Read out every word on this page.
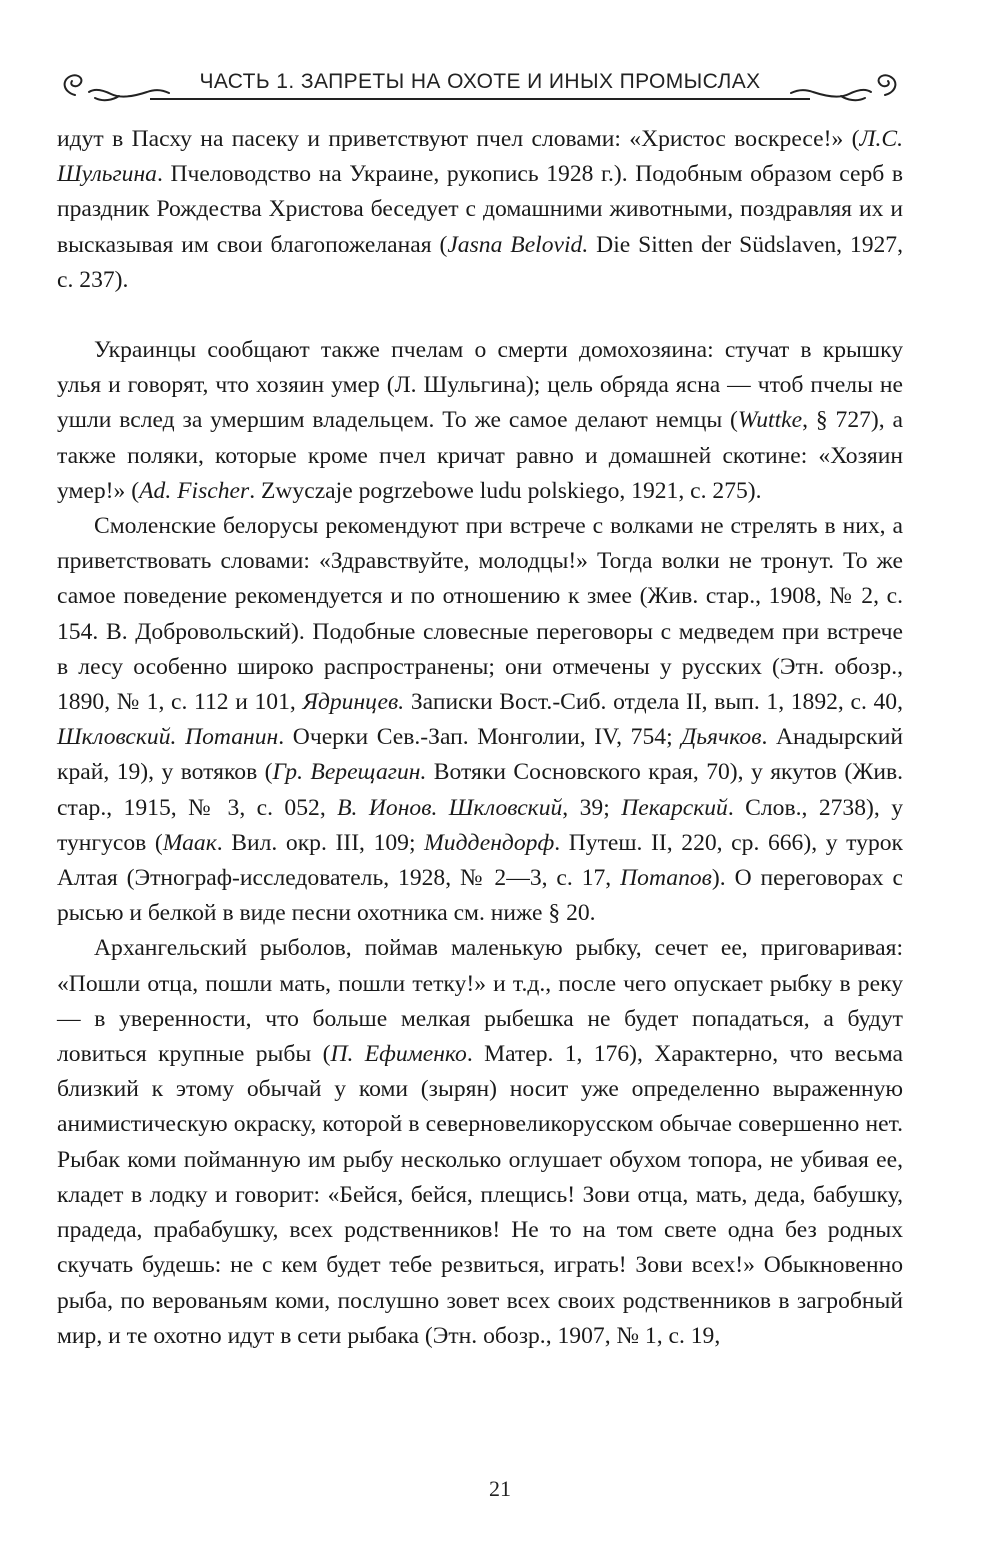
ЧАСТЬ 1. ЗАПРЕТЫ НА ОХОТЕ И ИНЫХ ПРОМЫСЛАХ

идут в Пасху на пасеку и приветствуют пчел словами: «Христос воскресе!» (Л.С. Шульгина. Пчеловодство на Украине, рукопись 1928 г.). Подобным образом серб в праздник Рождества Христова беседует с домашними животными, поздравляя их и высказывая им свои благопожеланая (Jasna Belovid. Die Sitten der Südslaven, 1927, с. 237).

Украинцы сообщают также пчелам о смерти домохозяина: стучат в крышку улья и говорят, что хозяин умер (Л. Шульгина); цель обряда ясна — чтоб пчелы не ушли вслед за умершим владельцем. То же самое делают немцы (Wuttke, § 727), а также поляки, которые кроме пчел кричат равно и домашней скотине: «Хозяин умер!» (Ad. Fischer. Zwyczaje pogrzebowe ludu polskiego, 1921, с. 275).

Смоленские белорусы рекомендуют при встрече с волками не стрелять в них, а приветствовать словами: «Здравствуйте, молодцы!» Тогда волки не тронут. То же самое поведение рекомендуется и по отношению к змее (Жив. стар., 1908, № 2, с. 154. В. Добровольский). Подобные словесные переговоры с медведем при встрече в лесу особенно широко распространены; они отмечены у русских (Этн. обозр., 1890, № 1, с. 112 и 101, Ядринцев. Записки Вост.-Сиб. отдела II, вып. 1, 1892, с. 40, Шкловский. Потанин. Очерки Сев.-Зап. Монголии, IV, 754; Дьячков. Анадырский край, 19), у вотяков (Гр. Верещагин. Вотяки Сосновского края, 70), у якутов (Жив. стар., 1915, № 3, с. 052, В. Ионов. Шкловский, 39; Пекарский. Слов., 2738), у тунгусов (Маак. Вил. окр. III, 109; Миддендорф. Путеш. II, 220, ср. 666), у турок Алтая (Этнограф-исследователь, 1928, № 2—3, с. 17, Потапов). О переговорах с рысью и белкой в виде песни охотника см. ниже § 20.

Архангельский рыболов, поймав маленькую рыбку, сечет ее, приговаривая: «Пошли отца, пошли мать, пошли тетку!» и т.д., после чего опускает рыбку в реку — в уверенности, что больше мелкая рыбешка не будет попадаться, а будут ловиться крупные рыбы (П. Ефименко. Матер. 1, 176), Характерно, что весьма близкий к этому обычай у коми (зырян) носит уже определенно выраженную анимистическую окраску, которой в северновеликорусском обычае совершенно нет. Рыбак коми пойманную им рыбу несколько оглушает обухом топора, не убивая ее, кладет в лодку и говорит: «Бейся, бейся, плещись! Зови отца, мать, деда, бабушку, прадеда, прабабушку, всех родственников! Не то на том свете одна без родных скучать будешь: не с кем будет тебе резвиться, играть! Зови всех!» Обыкновенно рыба, по верованьям коми, послушно зовет всех своих родственников в загробный мир, и те охотно идут в сети рыбака (Этн. обозр., 1907, № 1, с. 19,

21
